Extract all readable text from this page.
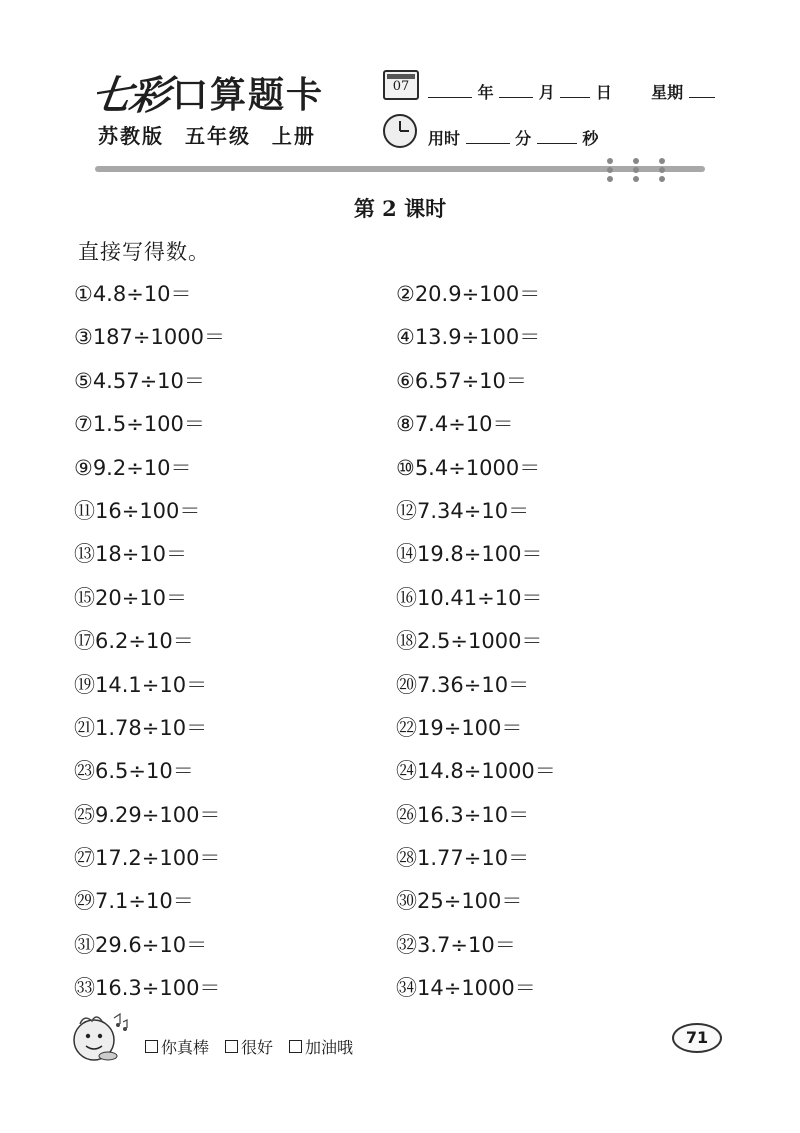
七彩 口算题卡
苏教版 五年级 上册
07	年	月	日 星期
用时	分	秒
第 2 课时
直接写得数。
①4.8÷10＝	②20.9÷100＝
③187÷1000＝	④13.9÷100＝
⑤4.57÷10＝	⑥6.57÷10＝
⑦1.5÷100＝	⑧7.4÷10＝
⑨9.2÷10＝	⑩5.4÷1000＝
⑪16÷100＝	⑫7.34÷10＝
⑬18÷10＝	⑭19.8÷100＝
⑮20÷10＝	⑯10.41÷10＝
⑰6.2÷10＝	⑱2.5÷1000＝
⑲14.1÷10＝	⑳7.36÷10＝
㉑1.78÷10＝	㉒19÷100＝
㉓6.5÷10＝	㉔14.8÷1000＝
㉕9.29÷100＝	㉖16.3÷10＝
㉗17.2÷100＝	㉘1.77÷10＝
㉙7.1÷10＝	㉚25÷100＝
㉛29.6÷10＝	㉜3.7÷10＝
㉝16.3÷100＝	㉞14÷1000＝
你真棒 很好 加油哦
71
